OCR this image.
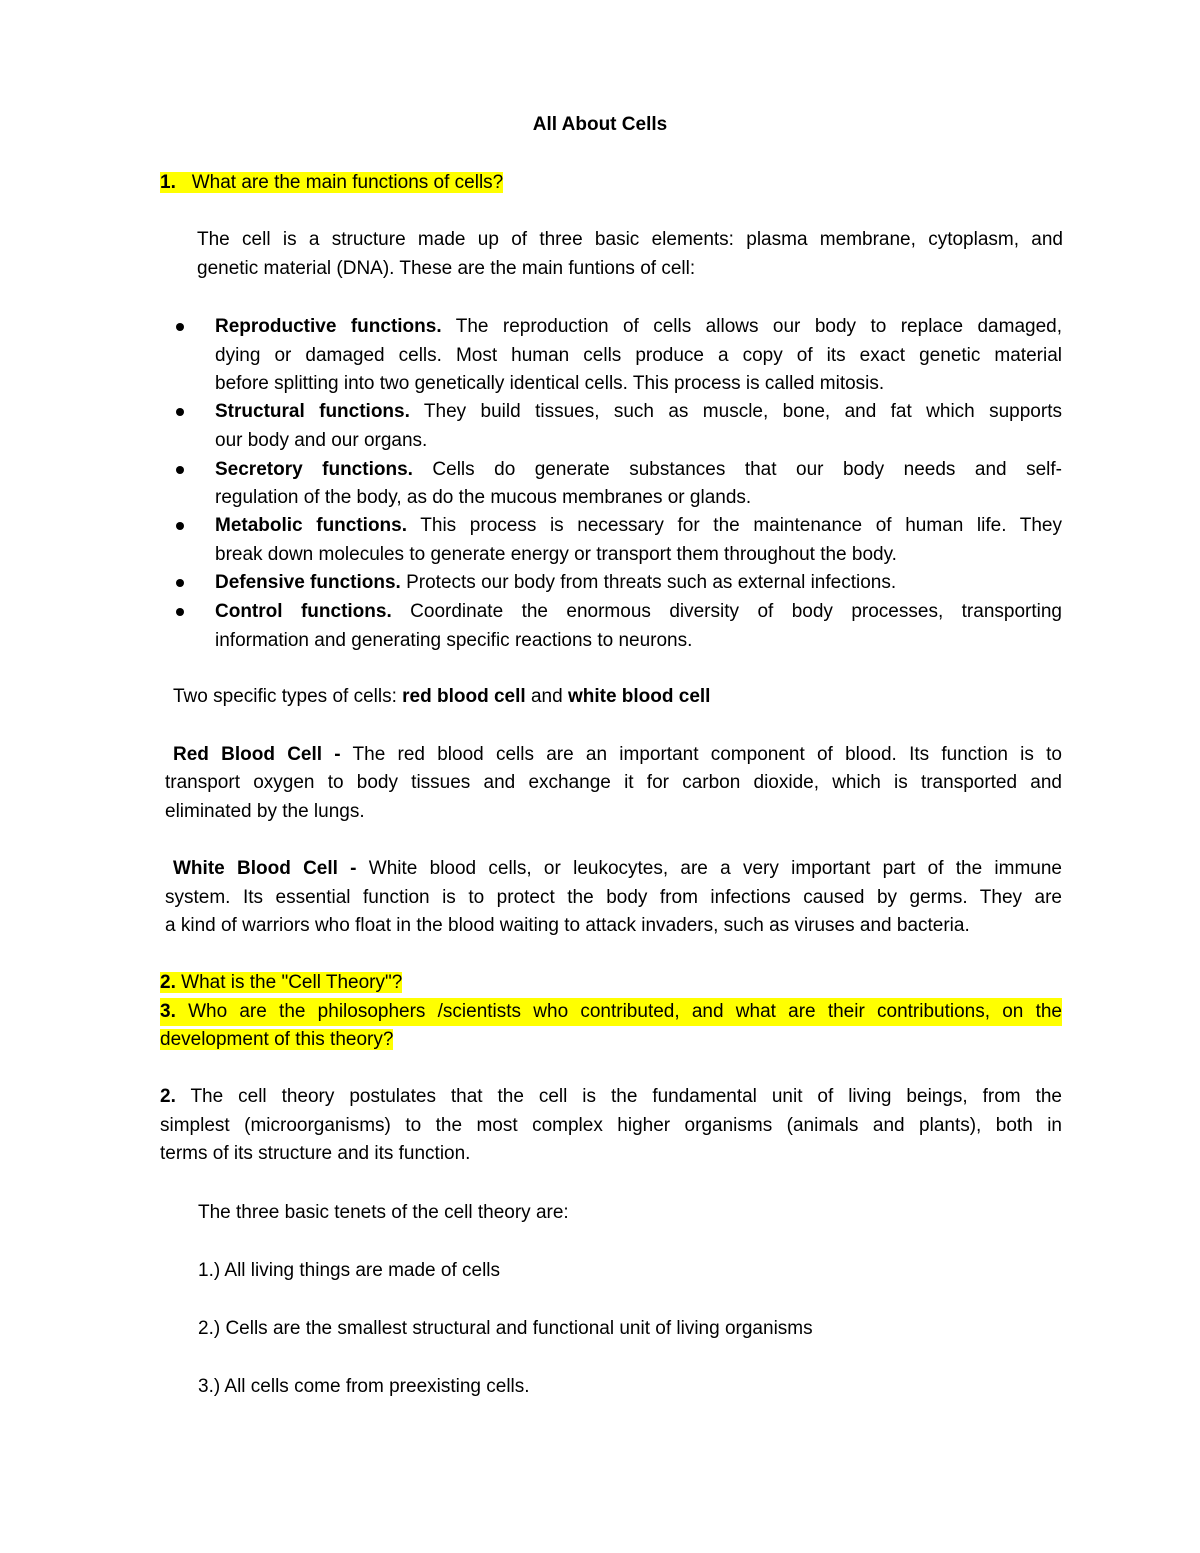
All About Cells
1. What are the main functions of cells?
The cell is a structure made up of three basic elements: plasma membrane, cytoplasm, and
genetic material (DNA). These are the main funtions of cell:
Reproductive functions. The reproduction of cells allows our body to replace damaged,
dying or damaged cells. Most human cells produce a copy of its exact genetic material
before splitting into two genetically identical cells. This process is called mitosis.
Structural functions. They build tissues, such as muscle, bone, and fat which supports
our body and our organs.
Secretory functions. Cells do generate substances that our body needs and self-
regulation of the body, as do the mucous membranes or glands.
Metabolic functions. This process is necessary for the maintenance of human life. They
break down molecules to generate energy or transport them throughout the body.
Defensive functions. Protects our body from threats such as external infections.
Control functions. Coordinate the enormous diversity of body processes, transporting
information and generating specific reactions to neurons.
Two specific types of cells: red blood cell and white blood cell
Red Blood Cell - The red blood cells are an important component of blood. Its function is to
transport oxygen to body tissues and exchange it for carbon dioxide, which is transported and
eliminated by the lungs.
White Blood Cell - White blood cells, or leukocytes, are a very important part of the immune
system. Its essential function is to protect the body from infections caused by germs. They are
a kind of warriors who float in the blood waiting to attack invaders, such as viruses and bacteria.
2. What is the "Cell Theory"?
3. Who are the philosophers /scientists who contributed, and what are their contributions, on the
development of this theory?
2. The cell theory postulates that the cell is the fundamental unit of living beings, from the
simplest (microorganisms) to the most complex higher organisms (animals and plants), both in
terms of its structure and its function.
The three basic tenets of the cell theory are:
1.) All living things are made of cells
2.) Cells are the smallest structural and functional unit of living organisms
3.) All cells come from preexisting cells.
